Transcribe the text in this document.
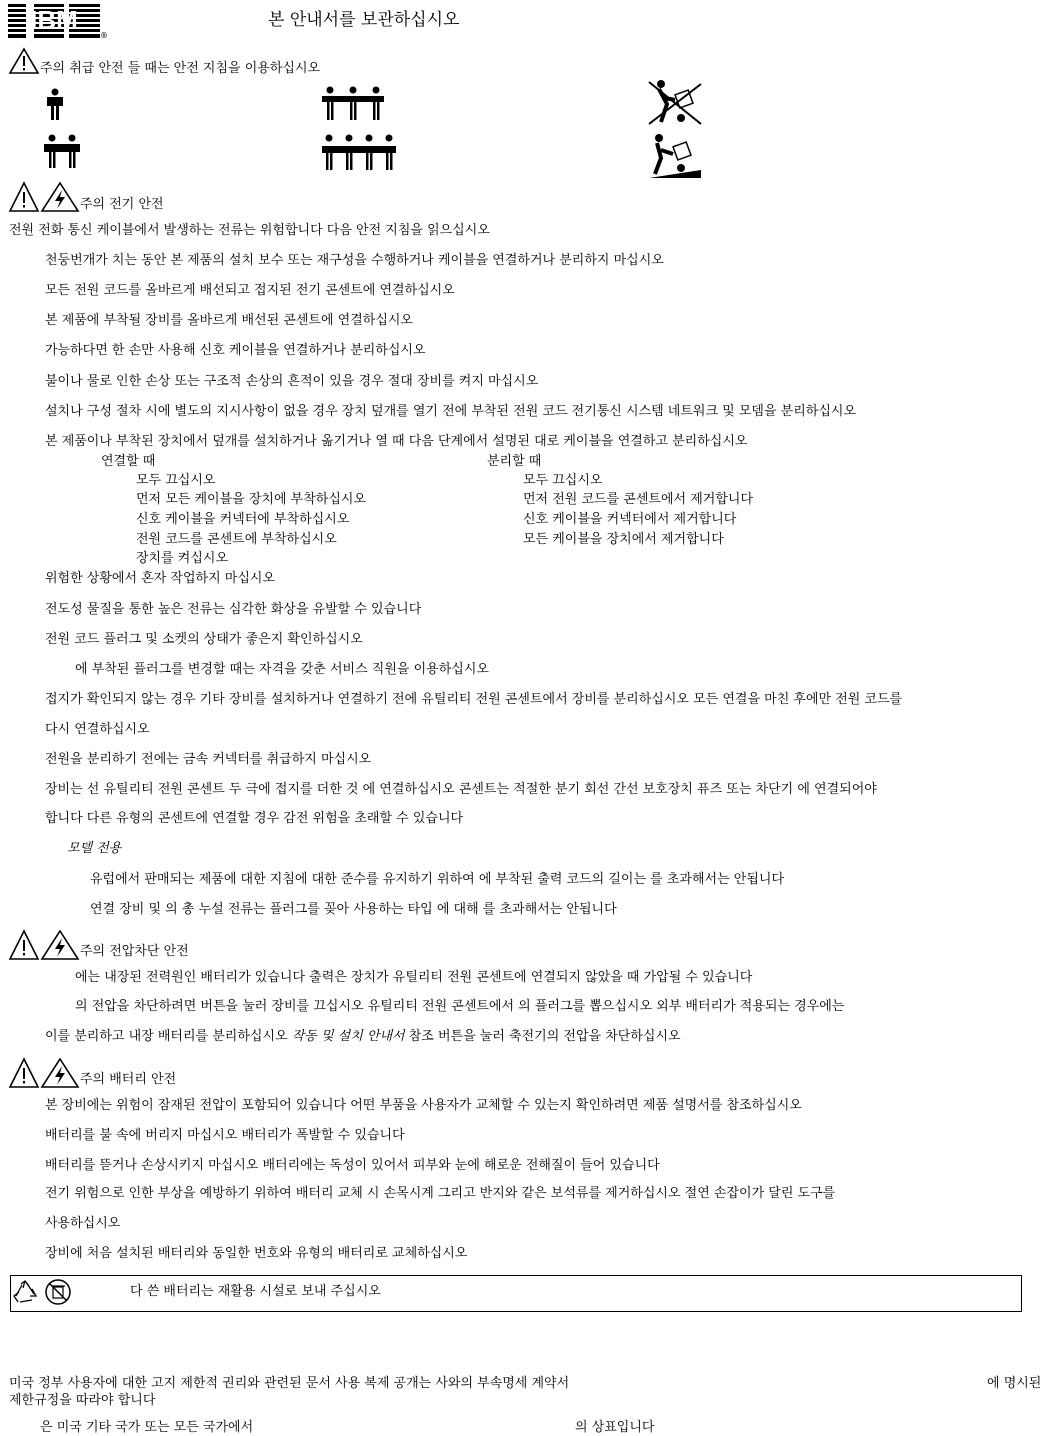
IBM
®
본 안내서를 보관하십시오
주의 취급 안전 들 때는 안전 지침을 이용하십시오
주의 전기 안전
전원 전화 통신 케이블에서 발생하는 전류는 위험합니다 다음 안전 지침을 읽으십시오
천둥번개가 치는 동안 본 제품의 설치 보수 또는 재구성을 수행하거나 케이블을 연결하거나 분리하지 마십시오
모든 전원 코드를 올바르게 배선되고 접지된 전기 콘센트에 연결하십시오
본 제품에 부착될 장비를 올바르게 배선된 콘센트에 연결하십시오
가능하다면 한 손만 사용해 신호 케이블을 연결하거나 분리하십시오
불이나 물로 인한 손상 또는 구조적 손상의 흔적이 있을 경우 절대 장비를 켜지 마십시오
설치나 구성 절차 시에 별도의 지시사항이 없을 경우 장치 덮개를 열기 전에 부착된 전원 코드 전기통신 시스템 네트워크 및 모뎀을 분리하십시오
본 제품이나 부착된 장치에서 덮개를 설치하거나 옮기거나 열 때 다음 단계에서 설명된 대로 케이블을 연결하고 분리하십시오
연결할 때
모두 끄십시오
먼저 모든 케이블을 장치에 부착하십시오
신호 케이블을 커넥터에 부착하십시오
전원 코드를 콘센트에 부착하십시오
장치를 켜십시오
분리할 때
모두 끄십시오
먼저 전원 코드를 콘센트에서 제거합니다
신호 케이블을 커넥터에서 제거합니다
모든 케이블을 장치에서 제거합니다
위험한 상황에서 혼자 작업하지 마십시오
전도성 물질을 통한 높은 전류는 심각한 화상을 유발할 수 있습니다
전원 코드 플러그 및 소켓의 상태가 좋은지 확인하십시오
에 부착된 플러그를 변경할 때는 자격을 갖춘 서비스 직원을 이용하십시오
접지가 확인되지 않는 경우 기타 장비를 설치하거나 연결하기 전에 유틸리티 전원 콘센트에서 장비를 분리하십시오 모든 연결을 마친 후에만 전원 코드를
다시 연결하십시오
전원을 분리하기 전에는 금속 커넥터를 취급하지 마십시오
장비는 선 유틸리티 전원 콘센트 두 극에 접지를 더한 것 에 연결하십시오 콘센트는 적절한 분기 회선 간선 보호장치 퓨즈 또는 차단기 에 연결되어야
합니다 다른 유형의 콘센트에 연결할 경우 감전 위험을 초래할 수 있습니다
모델 전용
유럽에서 판매되는 제품에 대한 지침에 대한 준수를 유지하기 위하여 에 부착된 출력 코드의 길이는 를 초과해서는 안됩니다
연결 장비 및 의 총 누설 전류는 플러그를 꽂아 사용하는 타입 에 대해 를 초과해서는 안됩니다
주의 전압차단 안전
에는 내장된 전력원인 배터리가 있습니다 출력은 장치가 유틸리티 전원 콘센트에 연결되지 않았을 때 가압될 수 있습니다
의 전압을 차단하려면 버튼을 눌러 장비를 끄십시오 유틸리티 전원 콘센트에서 의 플러그를 뽑으십시오 외부 배터리가 적용되는 경우에는
이를 분리하고 내장 배터리를 분리하십시오 작동 및 설치 안내서 참조 버튼을 눌러 축전기의 전압을 차단하십시오
주의 배터리 안전
본 장비에는 위험이 잠재된 전압이 포함되어 있습니다 어떤 부품을 사용자가 교체할 수 있는지 확인하려면 제품 설명서를 참조하십시오
배터리를 불 속에 버리지 마십시오 배터리가 폭발할 수 있습니다
배터리를 뜯거나 손상시키지 마십시오 배터리에는 독성이 있어서 피부와 눈에 해로운 전해질이 들어 있습니다
전기 위험으로 인한 부상을 예방하기 위하여 배터리 교체 시 손목시계 그리고 반지와 같은 보석류를 제거하십시오 절연 손잡이가 달린 도구를
사용하십시오
장비에 처음 설치된 배터리와 동일한 번호와 유형의 배터리로 교체하십시오
다 쓴 배터리는 재활용 시설로 보내 주십시오
미국 정부 사용자에 대한 고지 제한적 권리와 관련된 문서 사용 복제 공개는 사와의 부속명세 계약서	에 명시된
제한규정을 따라야 합니다
은 미국 기타 국가 또는 모든 국가에서	의 상표입니다
